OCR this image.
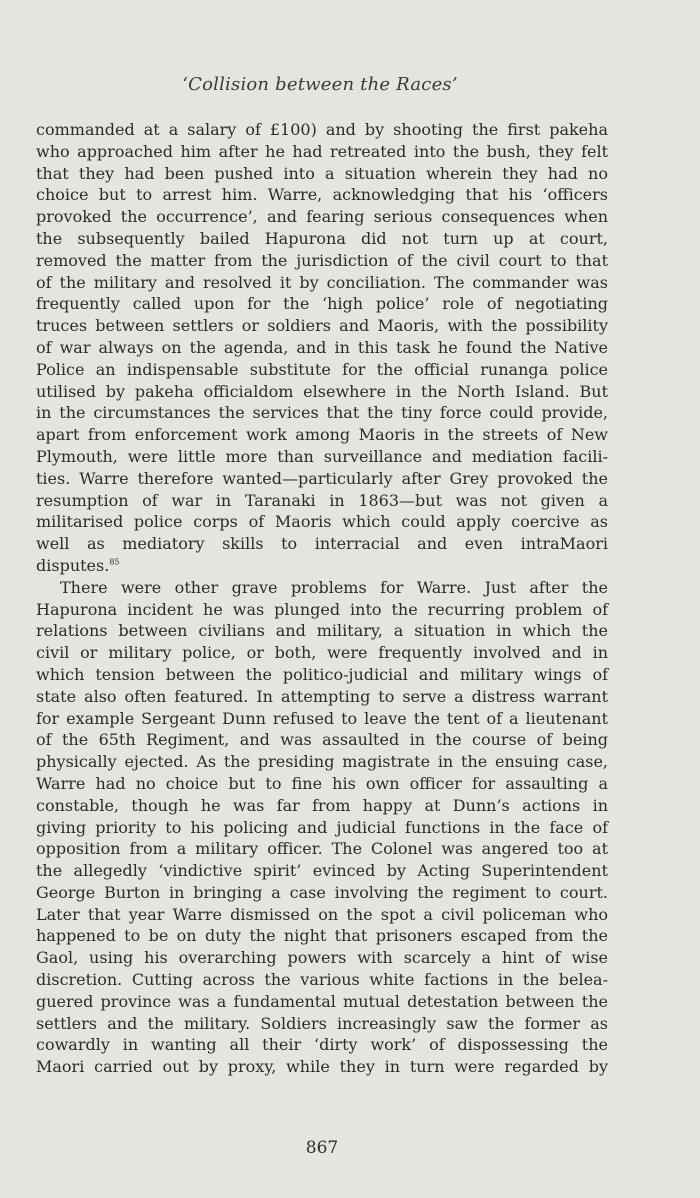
‘Collision between the Races’
commanded at a salary of £100) and by shooting the first pakeha
who approached him after he had retreated into the bush, they felt
that they had been pushed into a situation wherein they had no
choice but to arrest him. Warre, acknowledging that his ‘officers
provoked the occurrence’, and fearing serious consequences when
the subsequently bailed Hapurona did not turn up at court,
removed the matter from the jurisdiction of the civil court to that
of the military and resolved it by conciliation. The commander was
frequently called upon for the ‘high police’ role of negotiating
truces between settlers or soldiers and Maoris, with the possibility
of war always on the agenda, and in this task he found the Native
Police an indispensable substitute for the official runanga police
utilised by pakeha officialdom elsewhere in the North Island. But
in the circumstances the services that the tiny force could provide,
apart from enforcement work among Maoris in the streets of New
Plymouth, were little more than surveillance and mediation facili-
ties. Warre therefore wanted—particularly after Grey provoked the
resumption of war in Taranaki in 1863—but was not given a
militarised police corps of Maoris which could apply coercive as
well as mediatory skills to interracial and even intraMaori
disputes.$^{85}$
There were other grave problems for Warre. Just after the
Hapurona incident he was plunged into the recurring problem of
relations between civilians and military, a situation in which the
civil or military police, or both, were frequently involved and in
which tension between the politico-judicial and military wings of
state also often featured. In attempting to serve a distress warrant
for example Sergeant Dunn refused to leave the tent of a lieutenant
of the 65th Regiment, and was assaulted in the course of being
physically ejected. As the presiding magistrate in the ensuing case,
Warre had no choice but to fine his own officer for assaulting a
constable, though he was far from happy at Dunn’s actions in
giving priority to his policing and judicial functions in the face of
opposition from a military officer. The Colonel was angered too at
the allegedly ‘vindictive spirit’ evinced by Acting Superintendent
George Burton in bringing a case involving the regiment to court.
Later that year Warre dismissed on the spot a civil policeman who
happened to be on duty the night that prisoners escaped from the
Gaol, using his overarching powers with scarcely a hint of wise
discretion. Cutting across the various white factions in the belea-
guered province was a fundamental mutual detestation between the
settlers and the military. Soldiers increasingly saw the former as
cowardly in wanting all their ‘dirty work’ of dispossessing the
Maori carried out by proxy, while they in turn were regarded by
867
